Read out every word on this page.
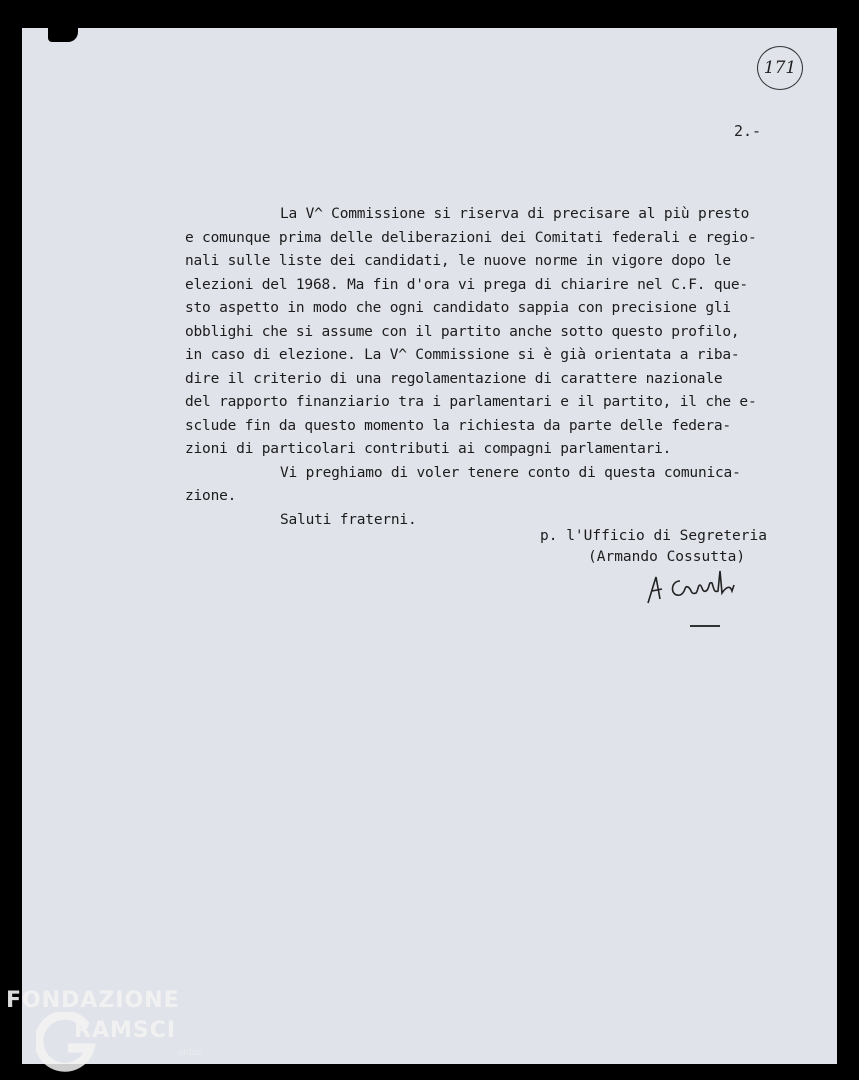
171
2.-

La V^ Commissione si riserva di precisare al più presto
e comunque prima delle deliberazioni dei Comitati federali e regio-
nali sulle liste dei candidati, le nuove norme in vigore dopo le
elezioni del 1968. Ma fin d'ora vi prega di chiarire nel C.F. que-
sto aspetto in modo che ogni candidato sappia con precisione gli
obblighi che si assume con il partito anche sotto questo profilo,
in caso di elezione. La V^ Commissione si è già orientata a riba-
dire il criterio di una regolamentazione di carattere nazionale
del rapporto finanziario tra i parlamentari e il partito, il che e-
sclude fin da questo momento la richiesta da parte delle federa-
zioni di particolari contributi ai compagni parlamentari.

Vi preghiamo di voler tenere conto di questa comunica-
zione.

Saluti fraterni.

p. l'Ufficio di Segreteria
(Armando Cossutta)
FONDAZIONE
RAMSCI
onlus
